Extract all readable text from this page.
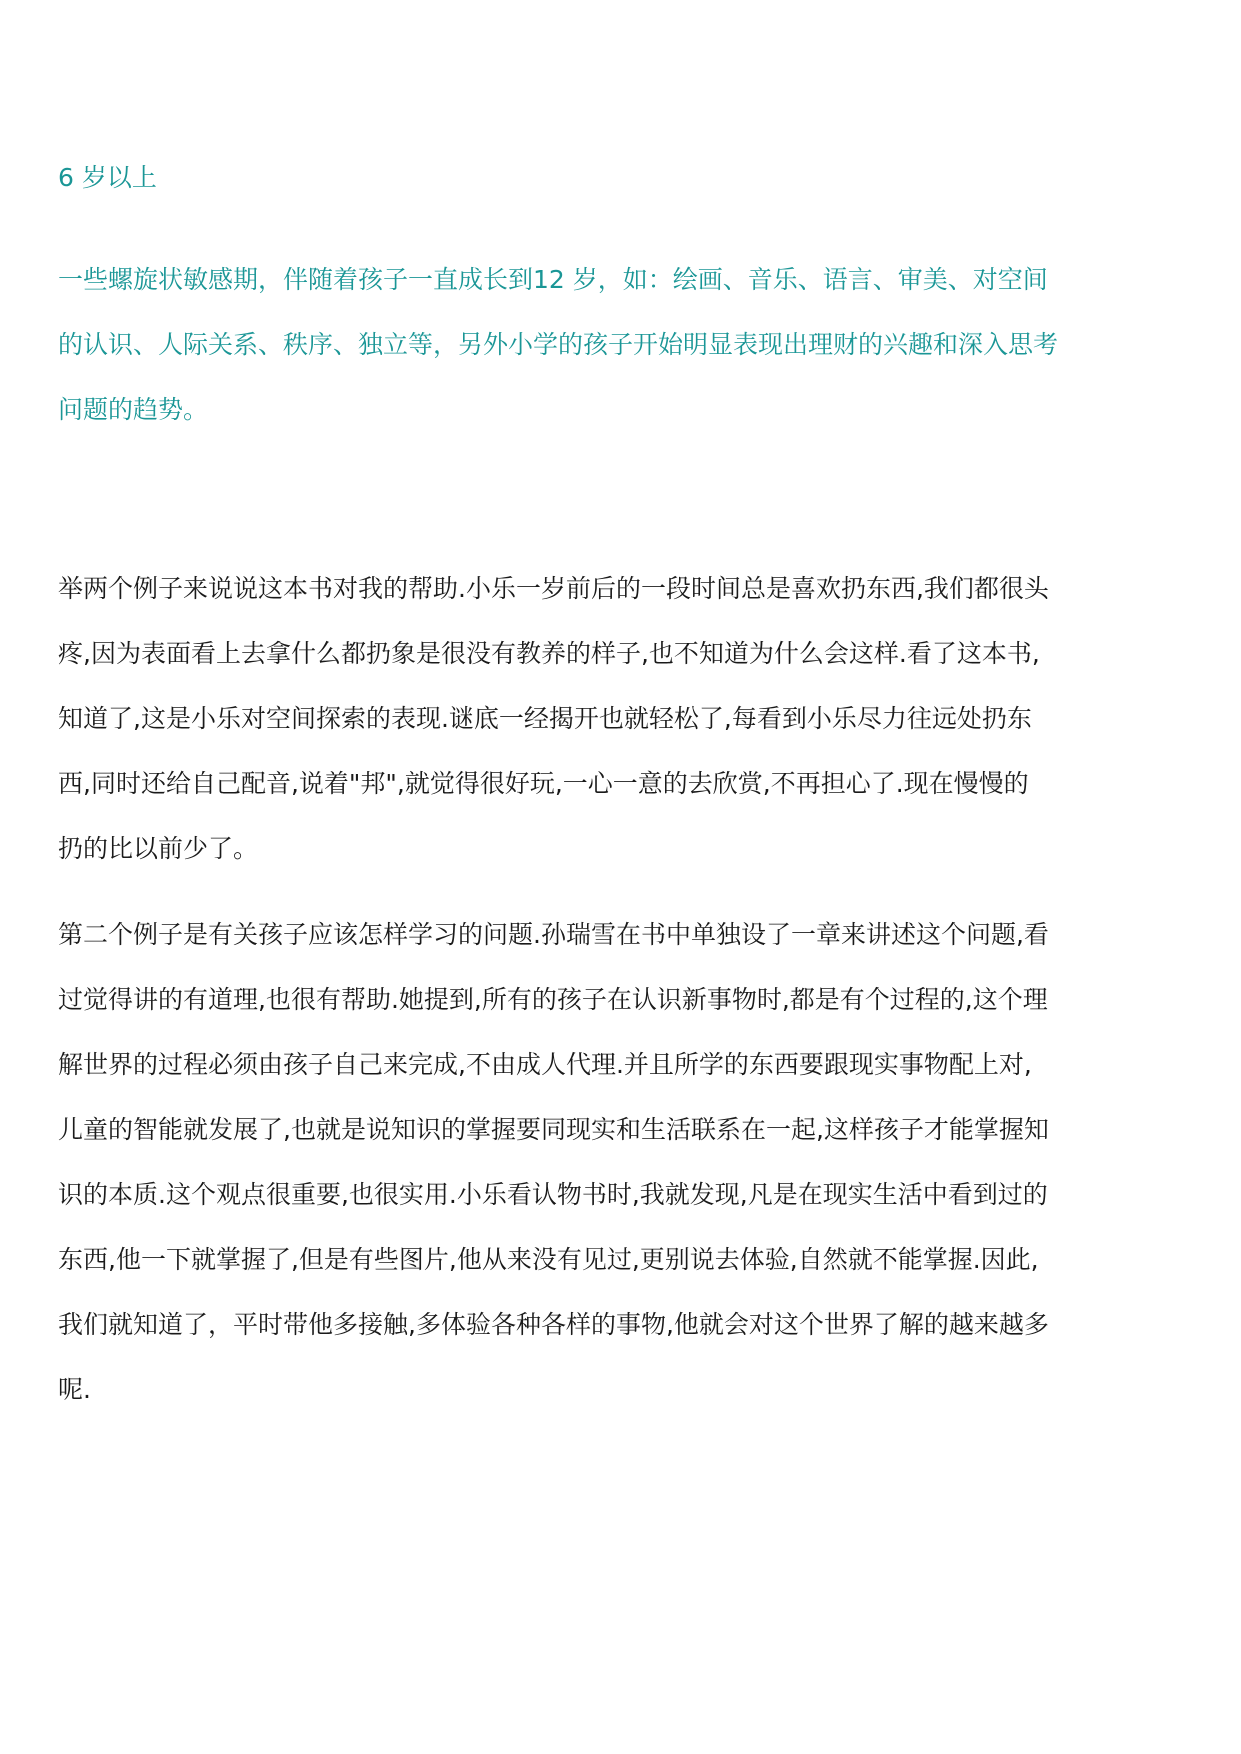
6 岁以上

一些螺旋状敏感期，伴随着孩子一直成长到12 岁，如：绘画、音乐、语言、审美、对空间
的认识、人际关系、秩序、独立等，另外小学的孩子开始明显表现出理财的兴趣和深入思考
问题的趋势。

举两个例子来说说这本书对我的帮助.小乐一岁前后的一段时间总是喜欢扔东西,我们都很头
疼,因为表面看上去拿什么都扔象是很没有教养的样子,也不知道为什么会这样.看了这本书,
知道了,这是小乐对空间探索的表现.谜底一经揭开也就轻松了,每看到小乐尽力往远处扔东
西,同时还给自己配音,说着"邦",就觉得很好玩,一心一意的去欣赏,不再担心了.现在慢慢的
扔的比以前少了。

第二个例子是有关孩子应该怎样学习的问题.孙瑞雪在书中单独设了一章来讲述这个问题,看
过觉得讲的有道理,也很有帮助.她提到,所有的孩子在认识新事物时,都是有个过程的,这个理
解世界的过程必须由孩子自己来完成,不由成人代理.并且所学的东西要跟现实事物配上对,
儿童的智能就发展了,也就是说知识的掌握要同现实和生活联系在一起,这样孩子才能掌握知
识的本质.这个观点很重要,也很实用.小乐看认物书时,我就发现,凡是在现实生活中看到过的
东西,他一下就掌握了,但是有些图片,他从来没有见过,更别说去体验,自然就不能掌握.因此,
我们就知道了，平时带他多接触,多体验各种各样的事物,他就会对这个世界了解的越来越多
呢.
